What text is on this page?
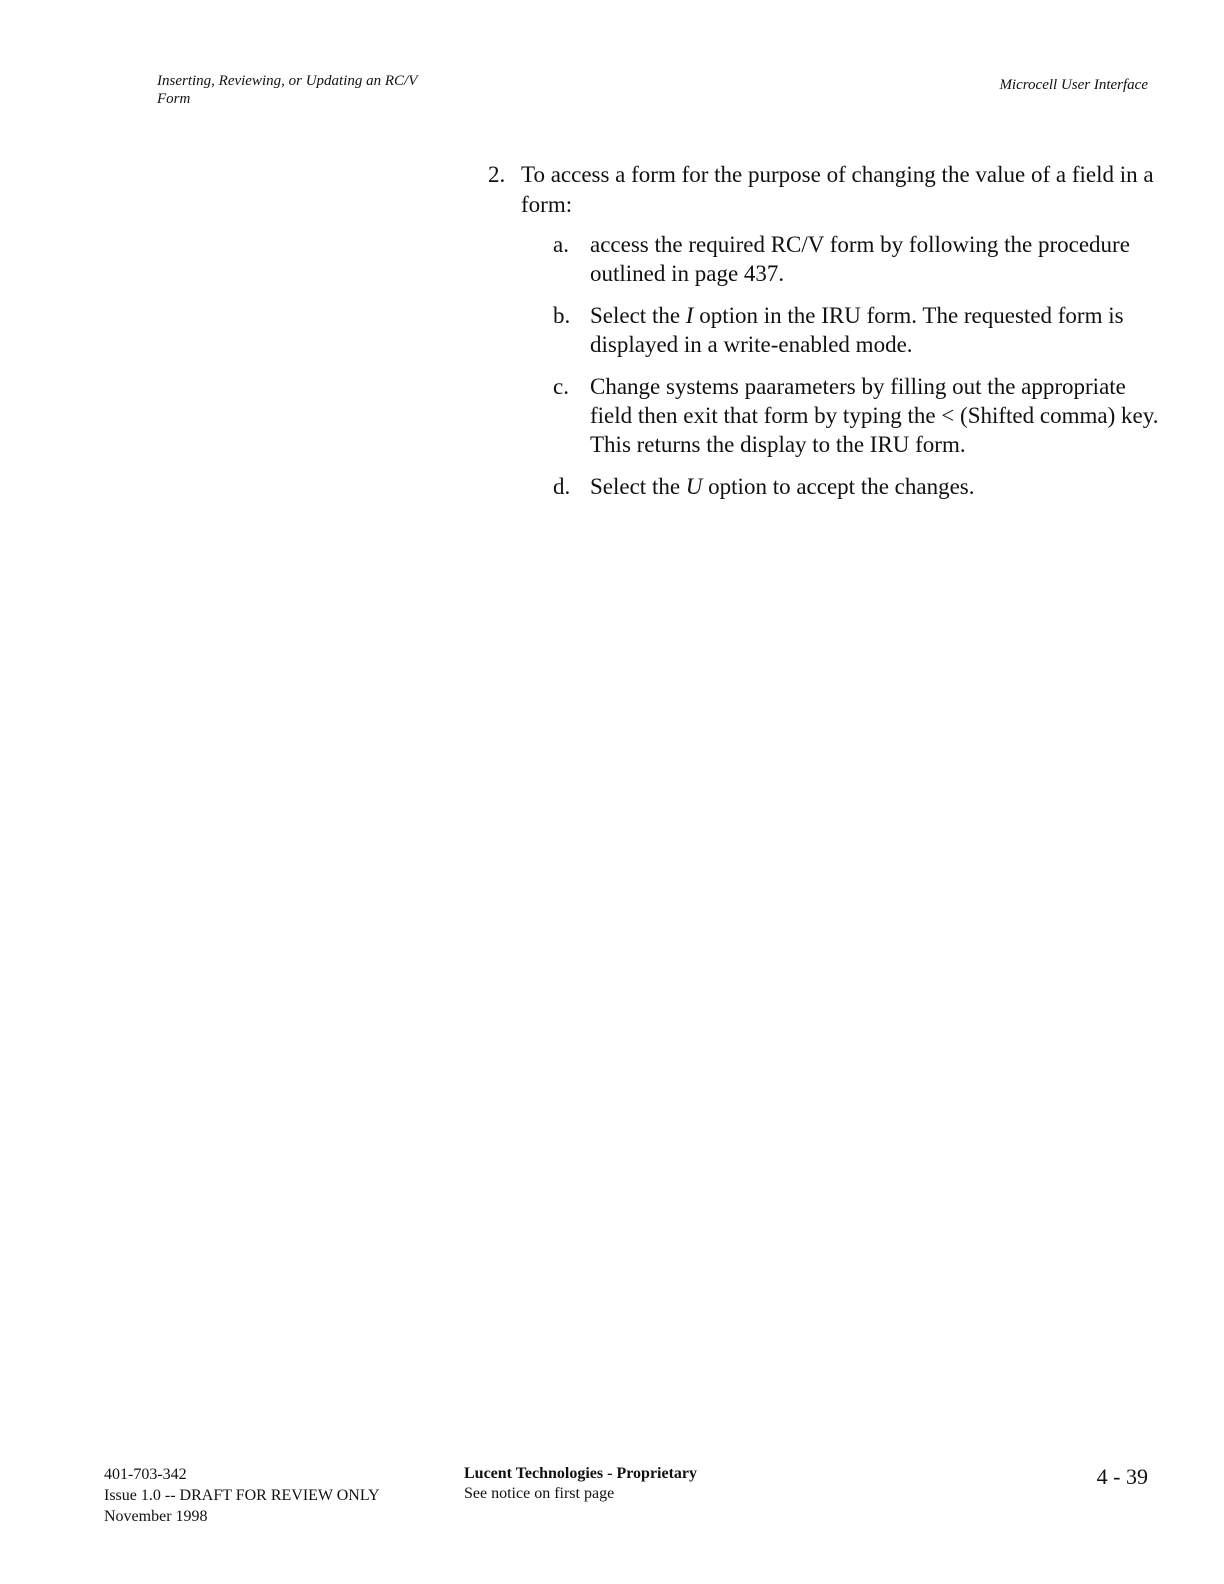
Inserting, Reviewing, or Updating an RC/V
Form
Microcell User Interface
2. To access a form for the purpose of changing the value of a field in a form:
a. access the required RC/V form by following the procedure outlined in page 437.
b. Select the I option in the IRU form. The requested form is displayed in a write-enabled mode.
c. Change systems paarameters by filling out the appropriate field then exit that form by typing the < (Shifted comma) key. This returns the display to the IRU form.
d. Select the U option to accept the changes.
401-703-342
Issue 1.0 -- DRAFT FOR REVIEW ONLY
November 1998
Lucent Technologies - Proprietary
See notice on first page
4 - 39
